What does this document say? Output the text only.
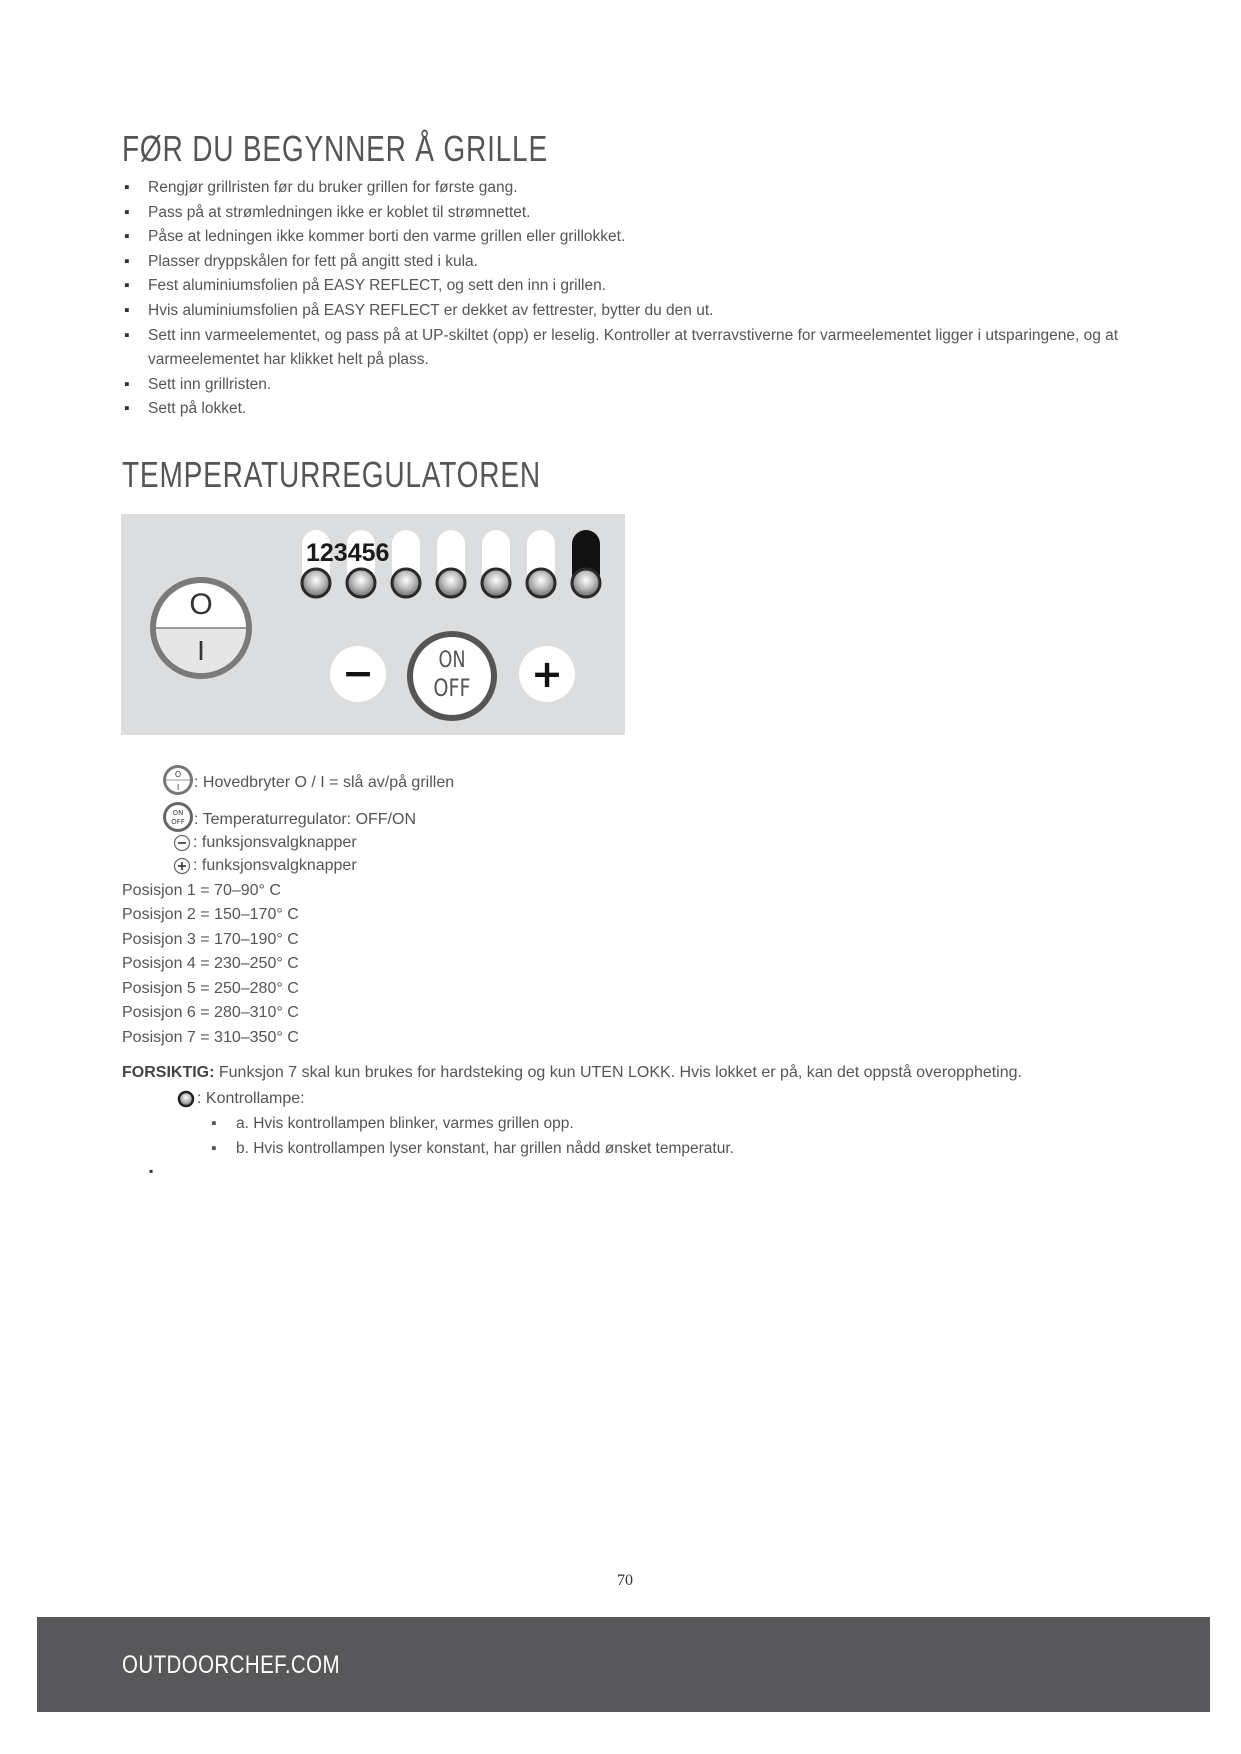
FØR DU BEGYNNER Å GRILLE
▪ Rengjør grillristen før du bruker grillen for første gang.
▪ Pass på at strømledningen ikke er koblet til strømnettet.
▪ Påse at ledningen ikke kommer borti den varme grillen eller grillokket.
▪ Plasser dryppskålen for fett på angitt sted i kula.
▪ Fest aluminiumsfolien på EASY REFLECT, og sett den inn i grillen.
▪ Hvis aluminiumsfolien på EASY REFLECT er dekket av fettrester, bytter du den ut.
▪ Sett inn varmeelementet, og pass på at UP-skiltet (opp) er leselig. Kontroller at tverravstiverne for varmeelementet ligger i utsparingene, og at varmeelementet har klikket helt på plass.
▪ Sett inn grillristen.
▪ Sett på lokket.
TEMPERATURREGULATOREN
O
I
123456
−	ON
OFF +
O
I : Hovedbryter O / I = slå av/på grillen
ON
OFF : Temperaturregulator: OFF/ON
: funksjonsvalgknapper
: funksjonsvalgknapper
Posisjon 1 = 70–90° C
Posisjon 2 = 150–170° C
Posisjon 3 = 170–190° C
Posisjon 4 = 230–250° C
Posisjon 5 = 250–280° C
Posisjon 6 = 280–310° C
Posisjon 7 = 310–350° C
FORSIKTIG: Funksjon 7 skal kun brukes for hardsteking og kun UTEN LOKK. Hvis lokket er på, kan det oppstå overoppheting.
: Kontrollampe:
▪ a. Hvis kontrollampen blinker, varmes grillen opp.
▪ b. Hvis kontrollampen lyser konstant, har grillen nådd ønsket temperatur.
▪
70
OUTDOORCHEF.COM
